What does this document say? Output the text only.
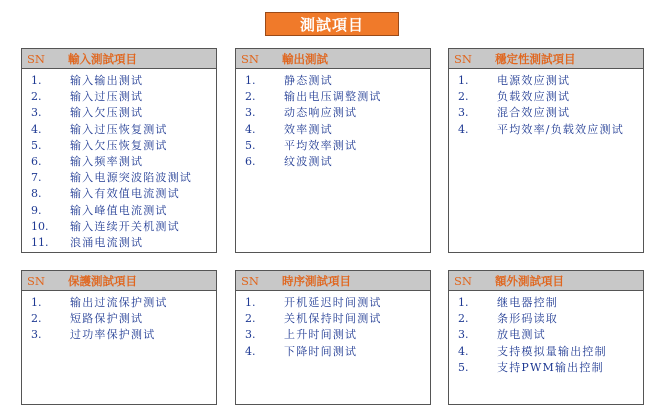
測試項目
SN 輸入測試項目
1.	输入输出测试
2.	输入过压测试
3.	输入欠压测试
4.	输入过压恢复测试
5.	输入欠压恢复测试
6.	输入频率测试
7.	输入电源突波陷波测试
8.	输入有效值电流测试
9.	输入峰值电流测试
10. 输入连续开关机测试
11. 浪涌电流测试
SN 輸出測試
1.	静态测试
2.	输出电压调整测试
3.	动态响应测试
4.	效率测试
5.	平均效率测试
6.	纹波测试
SN 穩定性測試項目
1.	电源效应测试
2.	负载效应测试
3.	混合效应测试
4.	平均效率/负载效应测试
SN 保護測試項目
1.	输出过流保护测试
2.	短路保护测试
3.	过功率保护测试
SN 時序測試項目
1.	开机延迟时间测试
2.	关机保持时间测试
3.	上升时间测试
4.	下降时间测试
SN 額外測試項目
1.	继电器控制
2.	条形码读取
3.	放电测试
4.	支持模拟量输出控制
5.	支持PWM输出控制
